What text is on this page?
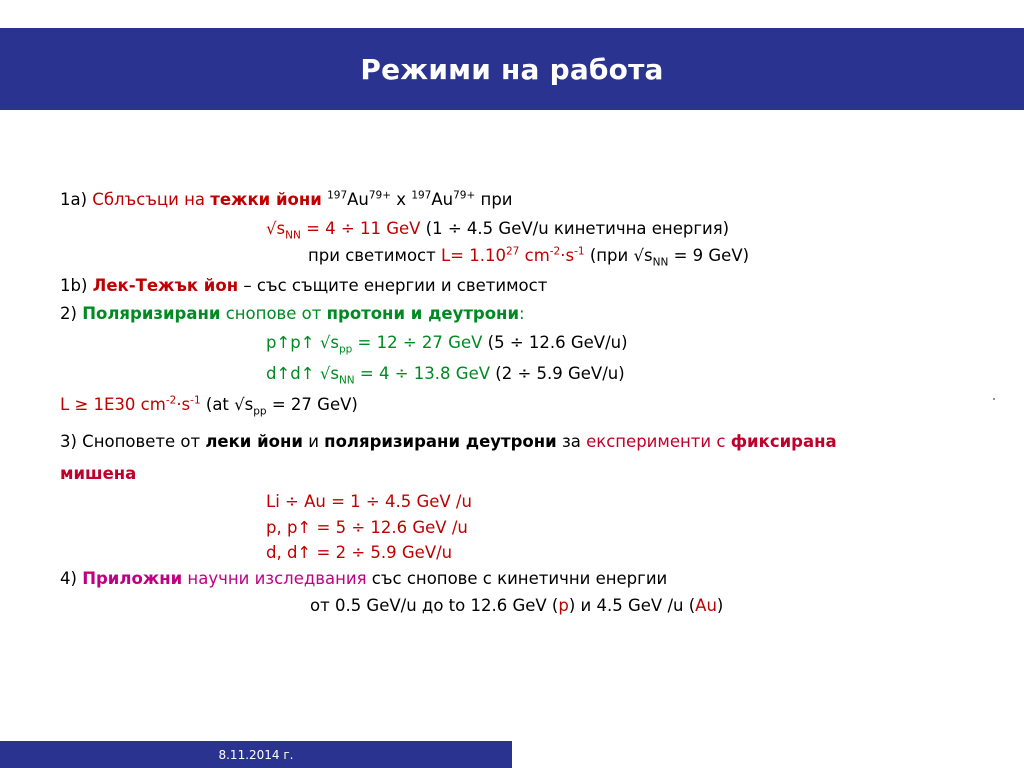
Режими на работа
1a) Сблъсъци на тежки йони $^{197}Au^{79+}$ x $^{197}Au^{79+}$ при
$√s_{NN} = 4 \div 11$ GeV (1 ÷ 4.5 GeV/u кинетична енергия)
при светимост $L= 1.10^{27}$ $cm^{-2}\cdot s^{-1}$ (при $√s_{NN} = 9$ GeV)
1b) Лек-Тежък йон – със същите енергии и светимост
2) Поляризирани снопове от протони и деутрони:
p↑p↑ $√s_{pp} = 12 \div 27$ GeV (5 ÷ 12.6 GeV/u)
d↑d↑ $√s_{NN} = 4 \div 13.8$ GeV (2 ÷ 5.9 GeV/u)
L ≥ 1E30 $cm^{-2}\cdot s^{-1}$ (at $√s_{pp} = 27$ GeV)
3) Сноповете от леки йони и поляризирани деутрони за експерименти с фиксирана
мишена
Li ÷ Au = 1 ÷ 4.5 GeV /u
p, p↑ = 5 ÷ 12.6 GeV /u
d, d↑ = 2 ÷ 5.9 GeV/u
4) Приложни научни изследвания със снопове с кинетични енергии
от 0.5 GeV/u до to 12.6 GeV (p) и 4.5 GeV /u (Au)
8.11.2014 г.
